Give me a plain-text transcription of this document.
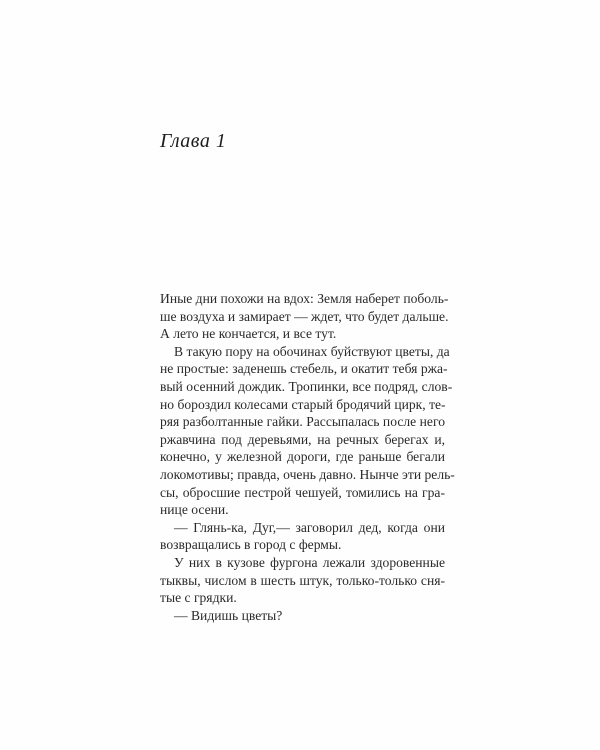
Глава 1
Иные дни похожи на вдох: Земля наберет поболь-
ше воздуха и замирает — ждет, что будет дальше.
А лето не кончается, и все тут.
В такую пору на обочинах буйствуют цветы, да
не простые: заденешь стебель, и окатит тебя ржа-
вый осенний дождик. Тропинки, все подряд, слов-
но бороздил колесами старый бродячий цирк, те-
ряя разболтанные гайки. Рассыпалась после него
ржавчина под деревьями, на речных берегах и,
конечно, у железной дороги, где раньше бегали
локомотивы; правда, очень давно. Нынче эти рель-
сы, обросшие пестрой чешуей, томились на гра-
нице осени.
— Глянь-ка, Дуг,— заговорил дед, когда они
возвращались в город с фермы.
У них в кузове фургона лежали здоровенные
тыквы, числом в шесть штук, только-только сня-
тые с грядки.
— Видишь цветы?
